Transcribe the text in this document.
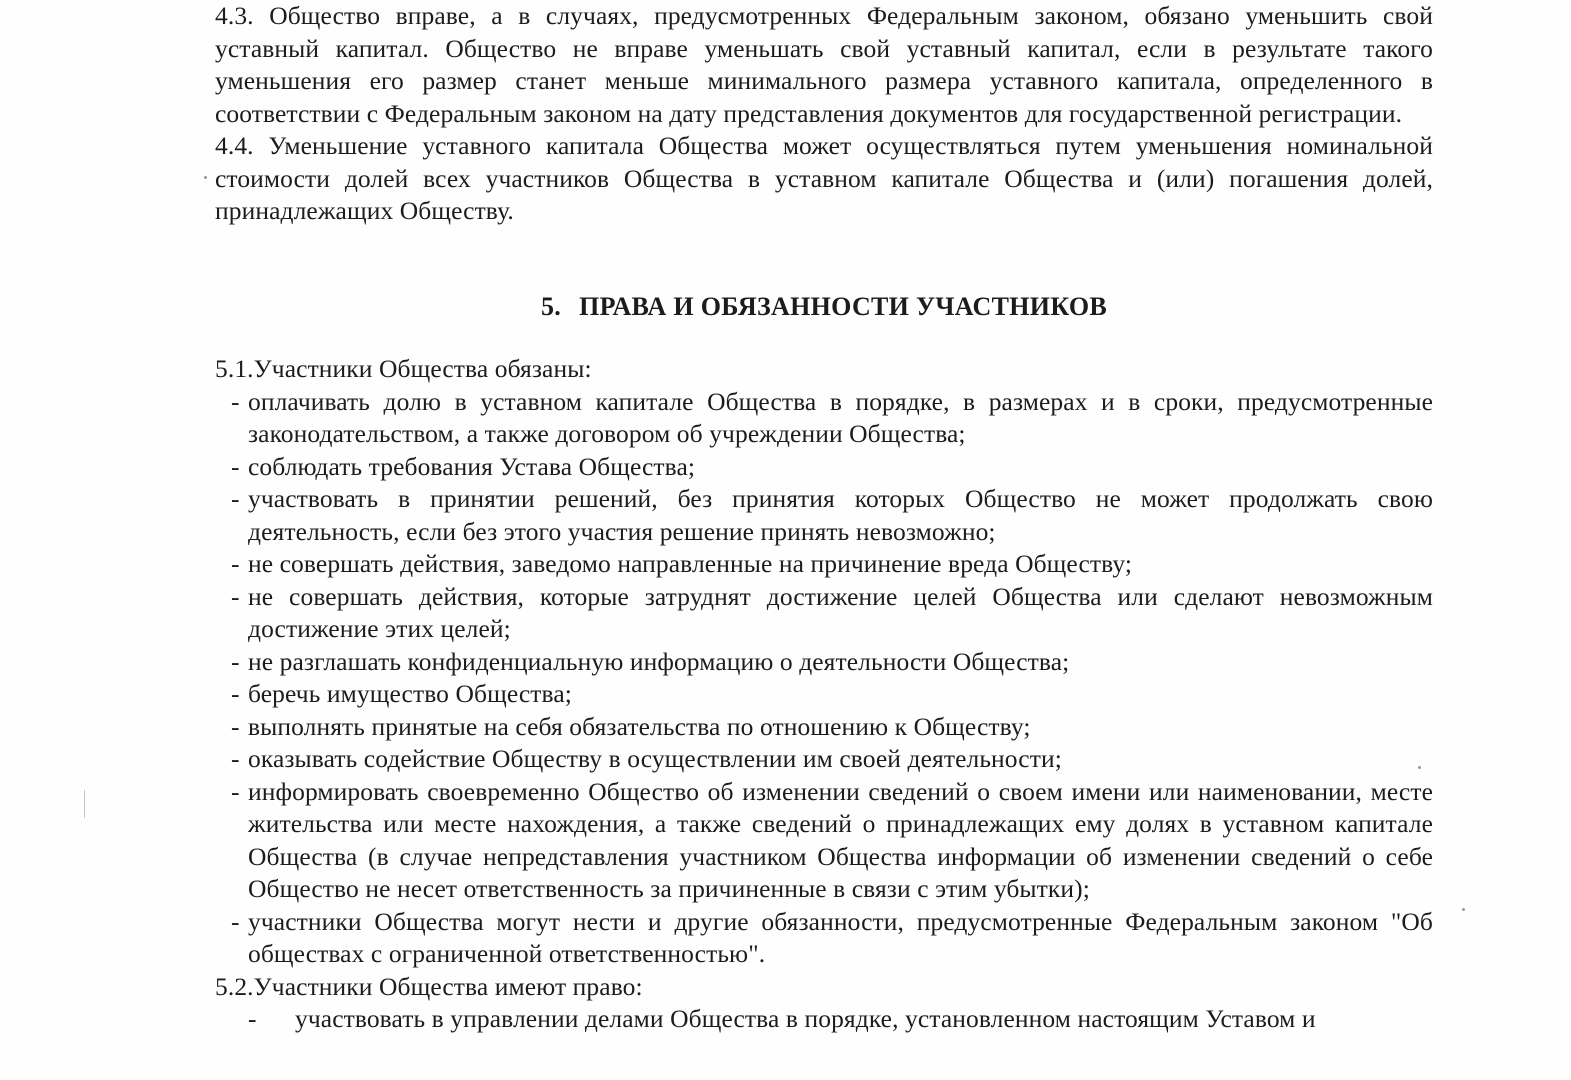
4.3. Общество вправе, а в случаях, предусмотренных Федеральным законом, обязано уменьшить свой уставный капитал. Общество не вправе уменьшать свой уставный капитал, если в результате такого уменьшения его размер станет меньше минимального размера уставного капитала, определенного в соответствии с Федеральным законом на дату представления документов для государственной регистрации.

4.4. Уменьшение уставного капитала Общества может осуществляться путем уменьшения номинальной стоимости долей всех участников Общества в уставном капитале Общества и (или) погашения долей, принадлежащих Обществу.

5. ПРАВА И ОБЯЗАННОСТИ УЧАСТНИКОВ

5.1.Участники Общества обязаны:

- оплачивать долю в уставном капитале Общества в порядке, в размерах и в сроки, предусмотренные законодательством, а также договором об учреждении Общества;

- соблюдать требования Устава Общества;

- участвовать в принятии решений, без принятия которых Общество не может продолжать свою деятельность, если без этого участия решение принять невозможно;

- не совершать действия, заведомо направленные на причинение вреда Обществу;

- не совершать действия, которые затруднят достижение целей Общества или сделают невозможным достижение этих целей;

- не разглашать конфиденциальную информацию о деятельности Общества;

- беречь имущество Общества;

- выполнять принятые на себя обязательства по отношению к Обществу;

- оказывать содействие Обществу в осуществлении им своей деятельности;

- информировать своевременно Общество об изменении сведений о своем имени или наименовании, месте жительства или месте нахождения, а также сведений о принадлежащих ему долях в уставном капитале Общества (в случае непредставления участником Общества информации об изменении сведений о себе Общество не несет ответственность за причиненные в связи с этим убытки);

- участники Общества могут нести и другие обязанности, предусмотренные Федеральным законом "Об обществах с ограниченной ответственностью".

5.2.Участники Общества имеют право:

- участвовать в управлении делами Общества в порядке, установленном настоящим Уставом и
